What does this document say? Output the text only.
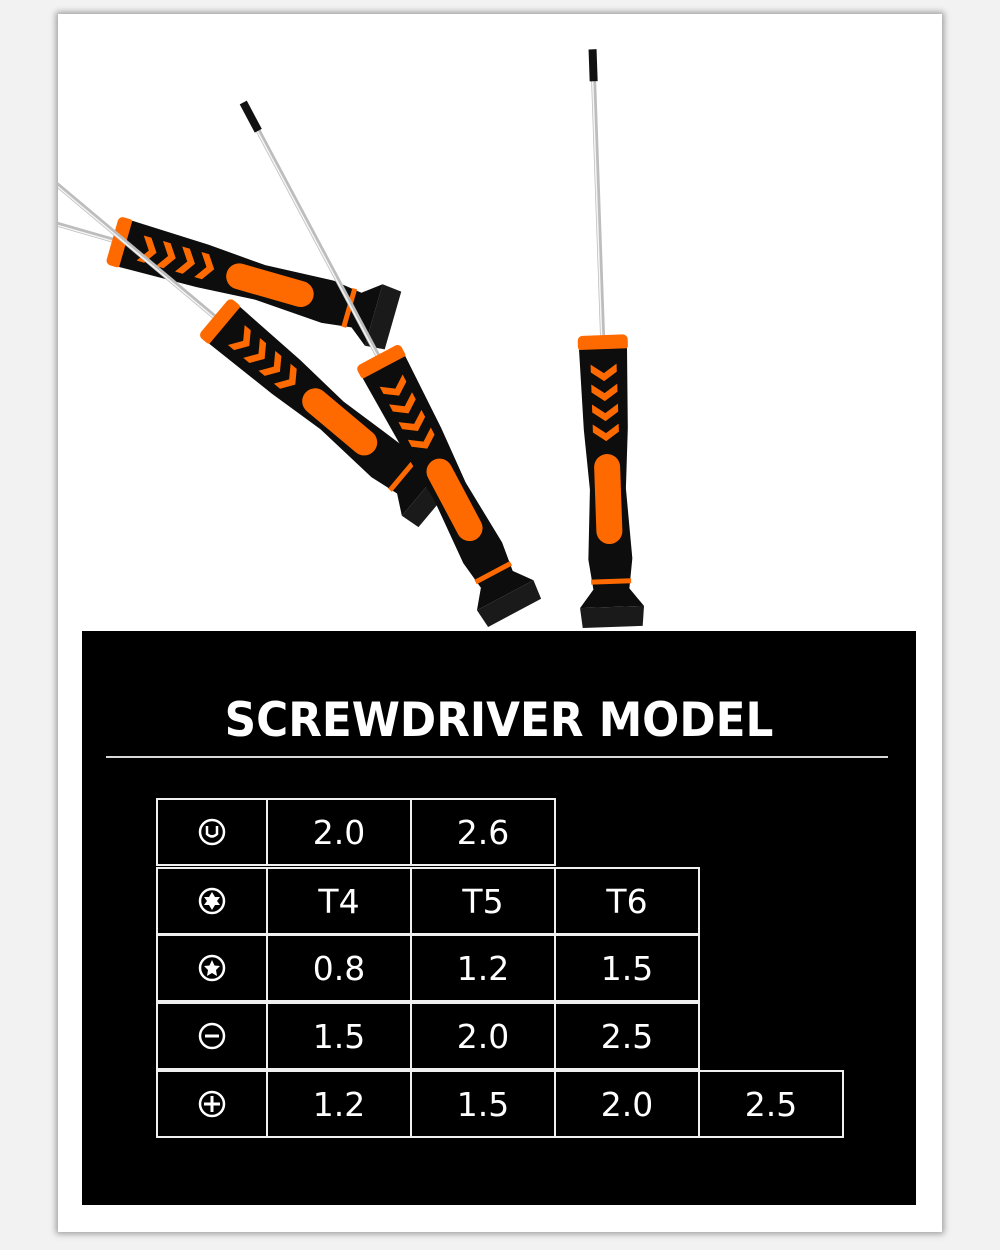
SCREWDRIVER MODEL
2.0	2.6
T4	T5	T6
0.8	1.2	1.5
1.5	2.0	2.5
1.2	1.5	2.0	2.5
